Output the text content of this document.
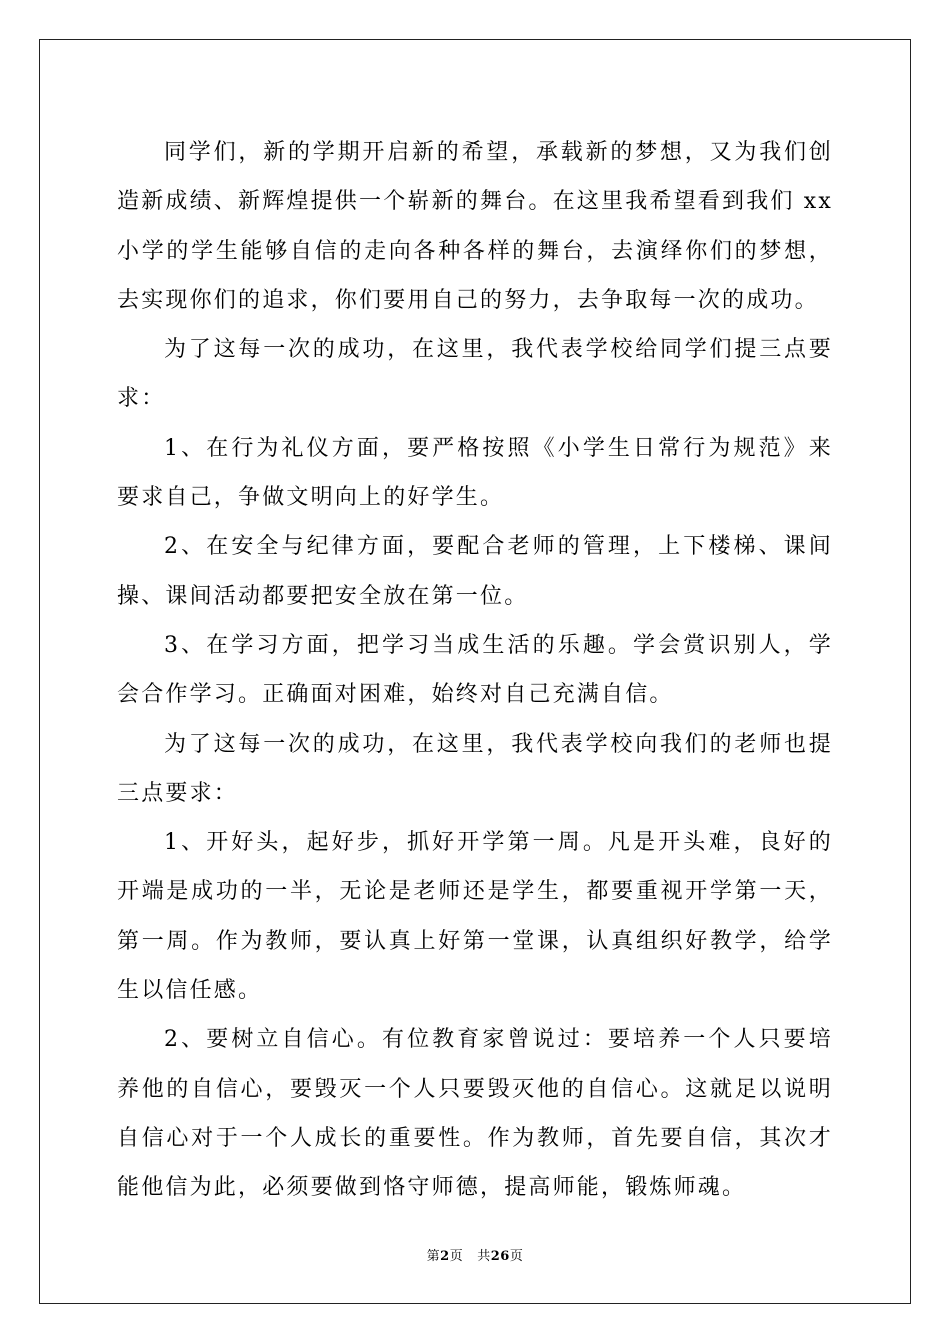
同学们，新的学期开启新的希望，承载新的梦想，又为我们创造新成绩、新辉煌提供一个崭新的舞台。在这里我希望看到我们 xx 小学的学生能够自信的走向各种各样的舞台，去演绎你们的梦想，去实现你们的追求，你们要用自己的努力，去争取每一次的成功。

为了这每一次的成功，在这里，我代表学校给同学们提三点要求：

1、在行为礼仪方面，要严格按照《小学生日常行为规范》来要求自己，争做文明向上的好学生。

2、在安全与纪律方面，要配合老师的管理，上下楼梯、课间操、课间活动都要把安全放在第一位。

3、在学习方面，把学习当成生活的乐趣。学会赏识别人，学会合作学习。正确面对困难，始终对自己充满自信。

为了这每一次的成功，在这里，我代表学校向我们的老师也提三点要求：

1、开好头，起好步，抓好开学第一周。凡是开头难，良好的开端是成功的一半，无论是老师还是学生，都要重视开学第一天，第一周。作为教师，要认真上好第一堂课，认真组织好教学，给学生以信任感。

2、要树立自信心。有位教育家曾说过：要培养一个人只要培养他的自信心，要毁灭一个人只要毁灭他的自信心。这就足以说明自信心对于一个人成长的重要性。作为教师，首先要自信，其次才能他信为此，必须要做到恪守师德，提高师能，锻炼师魂。

第2页 共26页
